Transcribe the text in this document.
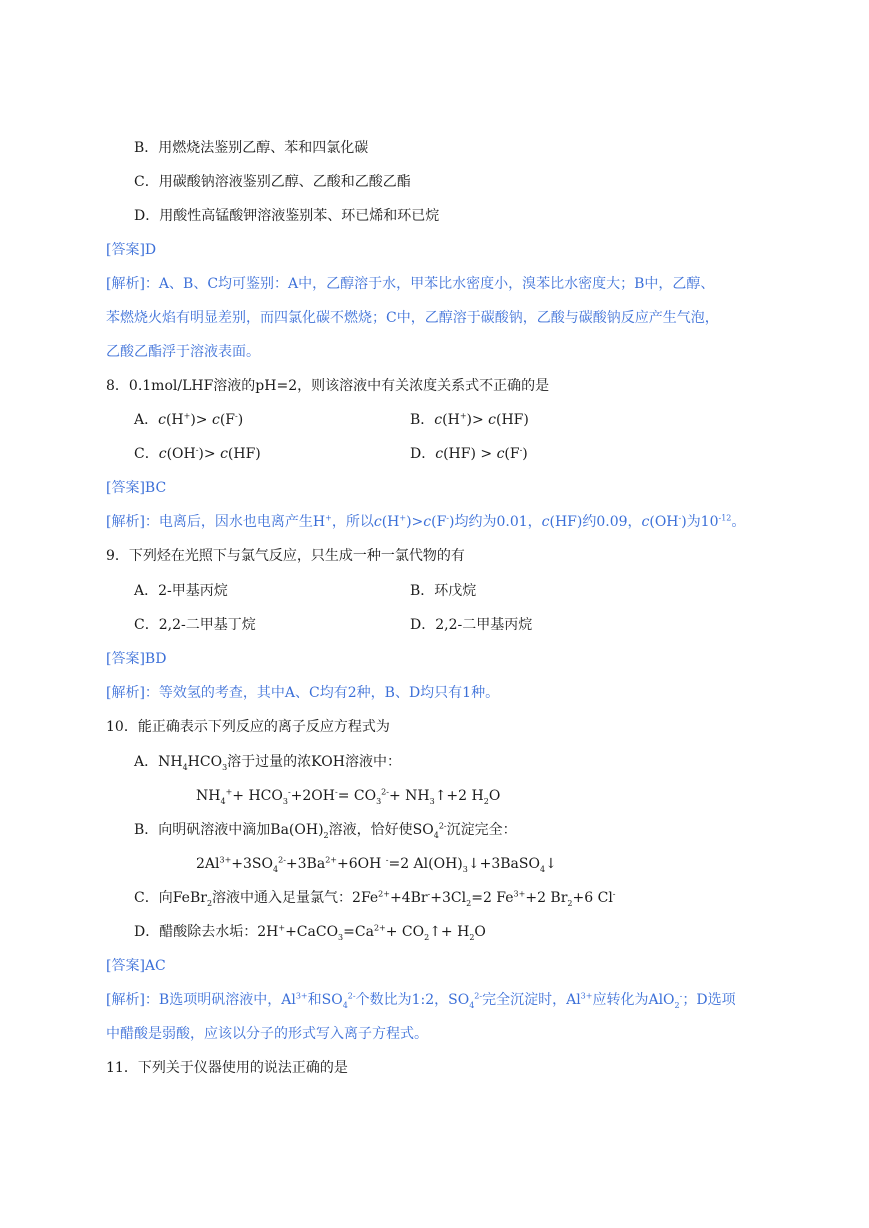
B．用燃烧法鉴别乙醇、苯和四氯化碳
C．用碳酸钠溶液鉴别乙醇、乙酸和乙酸乙酯
D．用酸性高锰酸钾溶液鉴别苯、环已烯和环已烷
[答案]D
[解析]：A、B、C均可鉴别：A中，乙醇溶于水，甲苯比水密度小，溴苯比水密度大；B中，乙醇、
苯燃烧火焰有明显差别，而四氯化碳不燃烧；C中，乙醇溶于碳酸钠，乙酸与碳酸钠反应产生气泡，
乙酸乙酯浮于溶液表面。
8．0.1mol/LHF溶液的pH=2，则该溶液中有关浓度关系式不正确的是
A．c(H+)> c(F-)	B．c(H+)> c(HF)
C．c(OH-)> c(HF)	D．c(HF) > c(F-)
[答案]BC
[解析]：电离后，因水也电离产生H+，所以c(H+)>c(F-)均约为0.01，c(HF)约0.09，c(OH-)为$10^{-12}$。
9．下列烃在光照下与氯气反应，只生成一种一氯代物的有
A．2-甲基丙烷	B．环戊烷
C．2,2-二甲基丁烷	D．2,2-二甲基丙烷
[答案]BD
[解析]：等效氢的考查，其中A、C均有2种，B、D均只有1种。
10．能正确表示下列反应的离子反应方程式为
A．$NH_4HCO_3$溶于过量的浓KOH溶液中：
$NH_4^++ HCO_3^-+2OH^-= CO_3^{2-}+$ $NH_3↑+2$ $H_2O$
B．向明矾溶液中滴加$Ba(OH)_2$溶液，恰好使$SO_4^{2-}$沉淀完全：
$2Al^{3+}+3SO_4^{2-}+3Ba^{2+}+6OH$ -=2 $Al(OH)_3↓+3BaSO_4↓$
C．向FeBr$_2$溶液中通入足量氯气：$2Fe^{2+}+4Br^-+3Cl_2=2$ $Fe^{3+}+2$ $Br_2+6$ Cl-
D．醋酸除去水垢：$2H^++CaCO_3=Ca^{2+}+$ $CO_2↑+ H_2O$
[答案]AC
[解析]：B选项明矾溶液中，$Al^{3+}$和$SO_4^{2-}$个数比为1:2，$SO_4^{2-}$完全沉淀时，$Al^{3+}$应转化为AlO$_2$-；D选项
中醋酸是弱酸，应该以分子的形式写入离子方程式。
11．下列关于仪器使用的说法正确的是
